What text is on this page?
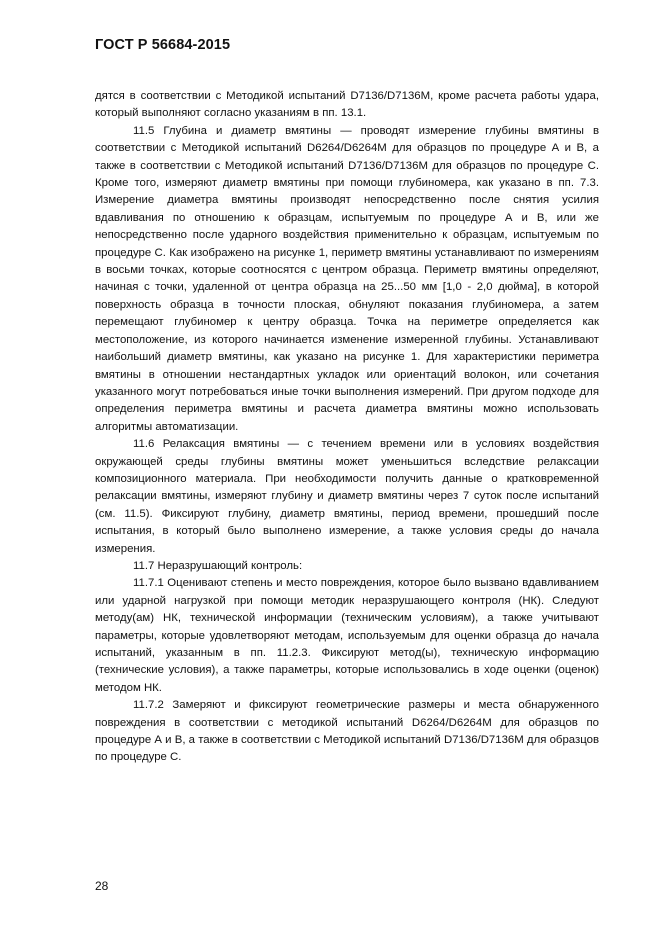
ГОСТ Р 56684-2015

дятся в соответствии с Методикой испытаний D7136/D7136M, кроме расчета работы удара, который выполняют согласно указаниям в пп. 13.1.

11.5 Глубина и диаметр вмятины — проводят измерение глубины вмятины в соответствии с Методикой испытаний D6264/D6264M для образцов по процедуре А и В, а также в соответствии с Методикой испытаний D7136/D7136M для образцов по процедуре С. Кроме того, измеряют диаметр вмятины при помощи глубиномера, как указано в пп. 7.3. Измерение диаметра вмятины производят непосредственно после снятия усилия вдавливания по отношению к образцам, испытуемым по процедуре А и В, или же непосредственно после ударного воздействия применительно к образцам, испытуемым по процедуре С. Как изображено на рисунке 1, периметр вмятины устанавливают по измерениям в восьми точках, которые соотносятся с центром образца. Периметр вмятины определяют, начиная с точки, удаленной от центра образца на 25...50 мм [1,0 - 2,0 дюйма], в которой поверхность образца в точности плоская, обнуляют показания глубиномера, а затем перемещают глубиномер к центру образца. Точка на периметре определяется как местоположение, из которого начинается изменение измеренной глубины. Устанавливают наибольший диаметр вмятины, как указано на рисунке 1. Для характеристики периметра вмятины в отношении нестандартных укладок или ориентаций волокон, или сочетания указанного могут потребоваться иные точки выполнения измерений. При другом подходе для определения периметра вмятины и расчета диаметра вмятины можно использовать алгоритмы автоматизации.

11.6 Релаксация вмятины — с течением времени или в условиях воздействия окружающей среды глубины вмятины может уменьшиться вследствие релаксации композиционного материала. При необходимости получить данные о кратковременной релаксации вмятины, измеряют глубину и диаметр вмятины через 7 суток после испытаний (см. 11.5). Фиксируют глубину, диаметр вмятины, период времени, прошедший после испытания, в который было выполнено измерение, а также условия среды до начала измерения.

11.7 Неразрушающий контроль:

11.7.1 Оценивают степень и место повреждения, которое было вызвано вдавливанием или ударной нагрузкой при помощи методик неразрушающего контроля (НК). Следуют методу(ам) НК, технической информации (техническим условиям), а также учитывают параметры, которые удовлетворяют методам, используемым для оценки образца до начала испытаний, указанным в пп. 11.2.3. Фиксируют метод(ы), техническую информацию (технические условия), а также параметры, которые использовались в ходе оценки (оценок) методом НК.

11.7.2 Замеряют и фиксируют геометрические размеры и места обнаруженного повреждения в соответствии с методикой испытаний D6264/D6264M для образцов по процедуре А и В, а также в соответствии с Методикой испытаний D7136/D7136M для образцов по процедуре С.

28
